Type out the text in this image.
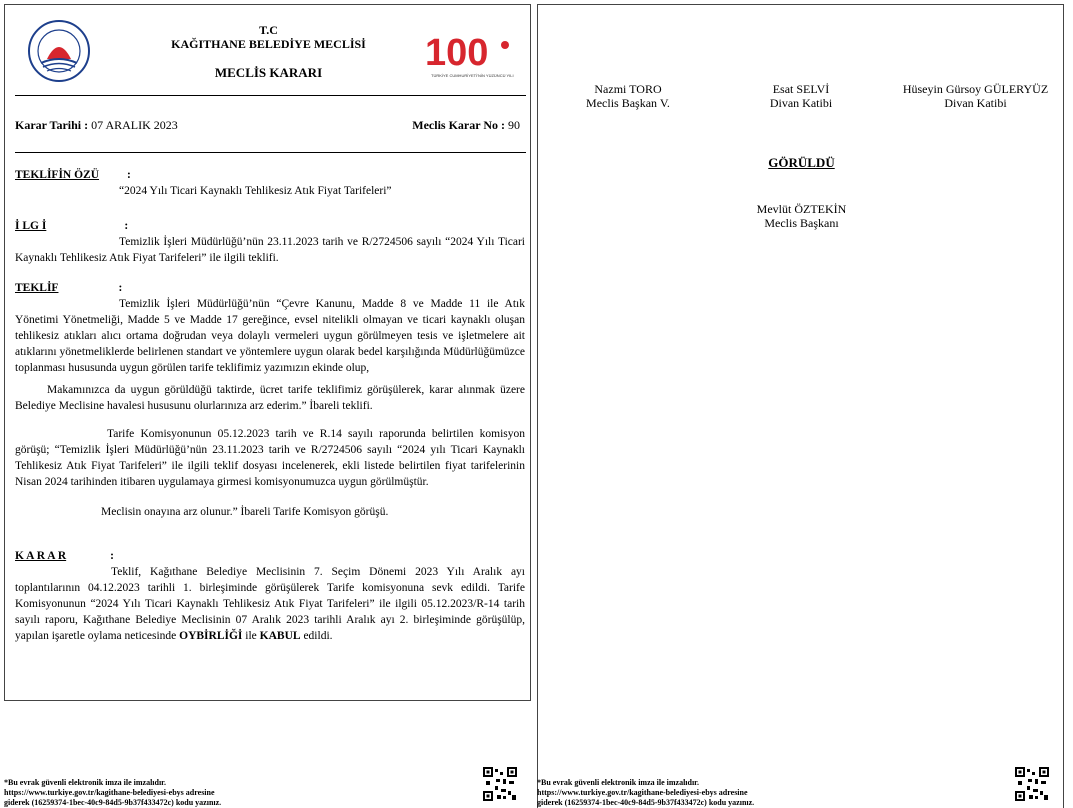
T.C
KAĞITHANE BELEDİYE MECLİSİ
MECLİS KARARI	100
TÜRKİYE CUMHURİYETİ'NİN YÜZÜNCÜ YILI
Karar Tarihi : 07 ARALIK 2023	Meclis Karar No : 90

TEKLİFİN ÖZÜ :

“2024 Yılı Ticari Kaynaklı Tehlikesiz Atık Fiyat Tarifeleri”

İ LG İ	:

Temizlik İşleri Müdürlüğü’nün 23.11.2023 tarih ve R/2724506 sayılı “2024 Yılı Ticari Kaynaklı Tehlikesiz Atık Fiyat Tarifeleri” ile ilgili teklifi.

TEKLİF	:

Temizlik İşleri Müdürlüğü’nün “Çevre Kanunu, Madde 8 ve Madde 11 ile Atık Yönetimi Yönetmeliği, Madde 5 ve Madde 17 gereğince, evsel nitelikli olmayan ve ticari kaynaklı oluşan tehlikesiz atıkları alıcı ortama doğrudan veya dolaylı vermeleri uygun görülmeyen tesis ve işletmelere ait atıklarını yönetmeliklerde belirlenen standart ve yöntemlere uygun olarak bedel karşılığında Müdürlüğümüzce toplanması hususunda uygun görülen tarife teklifimiz yazımızın ekinde olup,

Makamınızca da uygun görüldüğü taktirde, ücret tarife teklifimiz görüşülerek, karar alınmak üzere Belediye Meclisine havalesi hususunu olurlarınıza arz ederim.” İbareli teklifi.

Tarife Komisyonunun 05.12.2023 tarih ve R.14 sayılı raporunda belirtilen komisyon görüşü; “Temizlik İşleri Müdürlüğü’nün 23.11.2023 tarih ve R/2724506 sayılı “2024 yılı Ticari Kaynaklı Tehlikesiz Atık Fiyat Tarifeleri” ile ilgili teklif dosyası incelenerek, ekli listede belirtilen fiyat tarifelerinin Nisan 2024 tarihinden itibaren uygulamaya girmesi komisyonumuzca uygun görülmüştür.

Meclisin onayına arz olunur.” İbareli Tarife Komisyon görüşü.

K A R A R	:

Teklif, Kağıthane Belediye Meclisinin 7. Seçim Dönemi 2023 Yılı Aralık ayı toplantılarının 04.12.2023 tarihli 1. birleşiminde görüşülerek Tarife komisyonuna sevk edildi. Tarife Komisyonunun “2024 Yılı Ticari Kaynaklı Tehlikesiz Atık Fiyat Tarifeleri” ile ilgili 05.12.2023/R-14 tarih sayılı raporu, Kağıthane Belediye Meclisinin 07 Aralık 2023 tarihli Aralık ayı 2. birleşiminde görüşülüp, yapılan işaretle oylama neticesinde OYBİRLİĞİ ile KABUL edildi.

*Bu evrak güvenli elektronik imza ile imzalıdır.
https://www.turkiye.gov.tr/kagithane-belediyesi-ebys adresine
giderek (16259374-1bec-40c9-84d5-9b37f433472c) kodu yazınız.
Nazmi TORO
Meclis Başkan V.
Esat SELVİ
Divan Katibi
Hüseyin Gürsoy GÜLERYÜZ
Divan Katibi
GÖRÜLDÜ
Mevlüt ÖZTEKİN
Meclis Başkanı
*Bu evrak güvenli elektronik imza ile imzalıdır.
https://www.turkiye.gov.tr/kagithane-belediyesi-ebys adresine
giderek (16259374-1bec-40c9-84d5-9b37f433472c) kodu yazınız.
